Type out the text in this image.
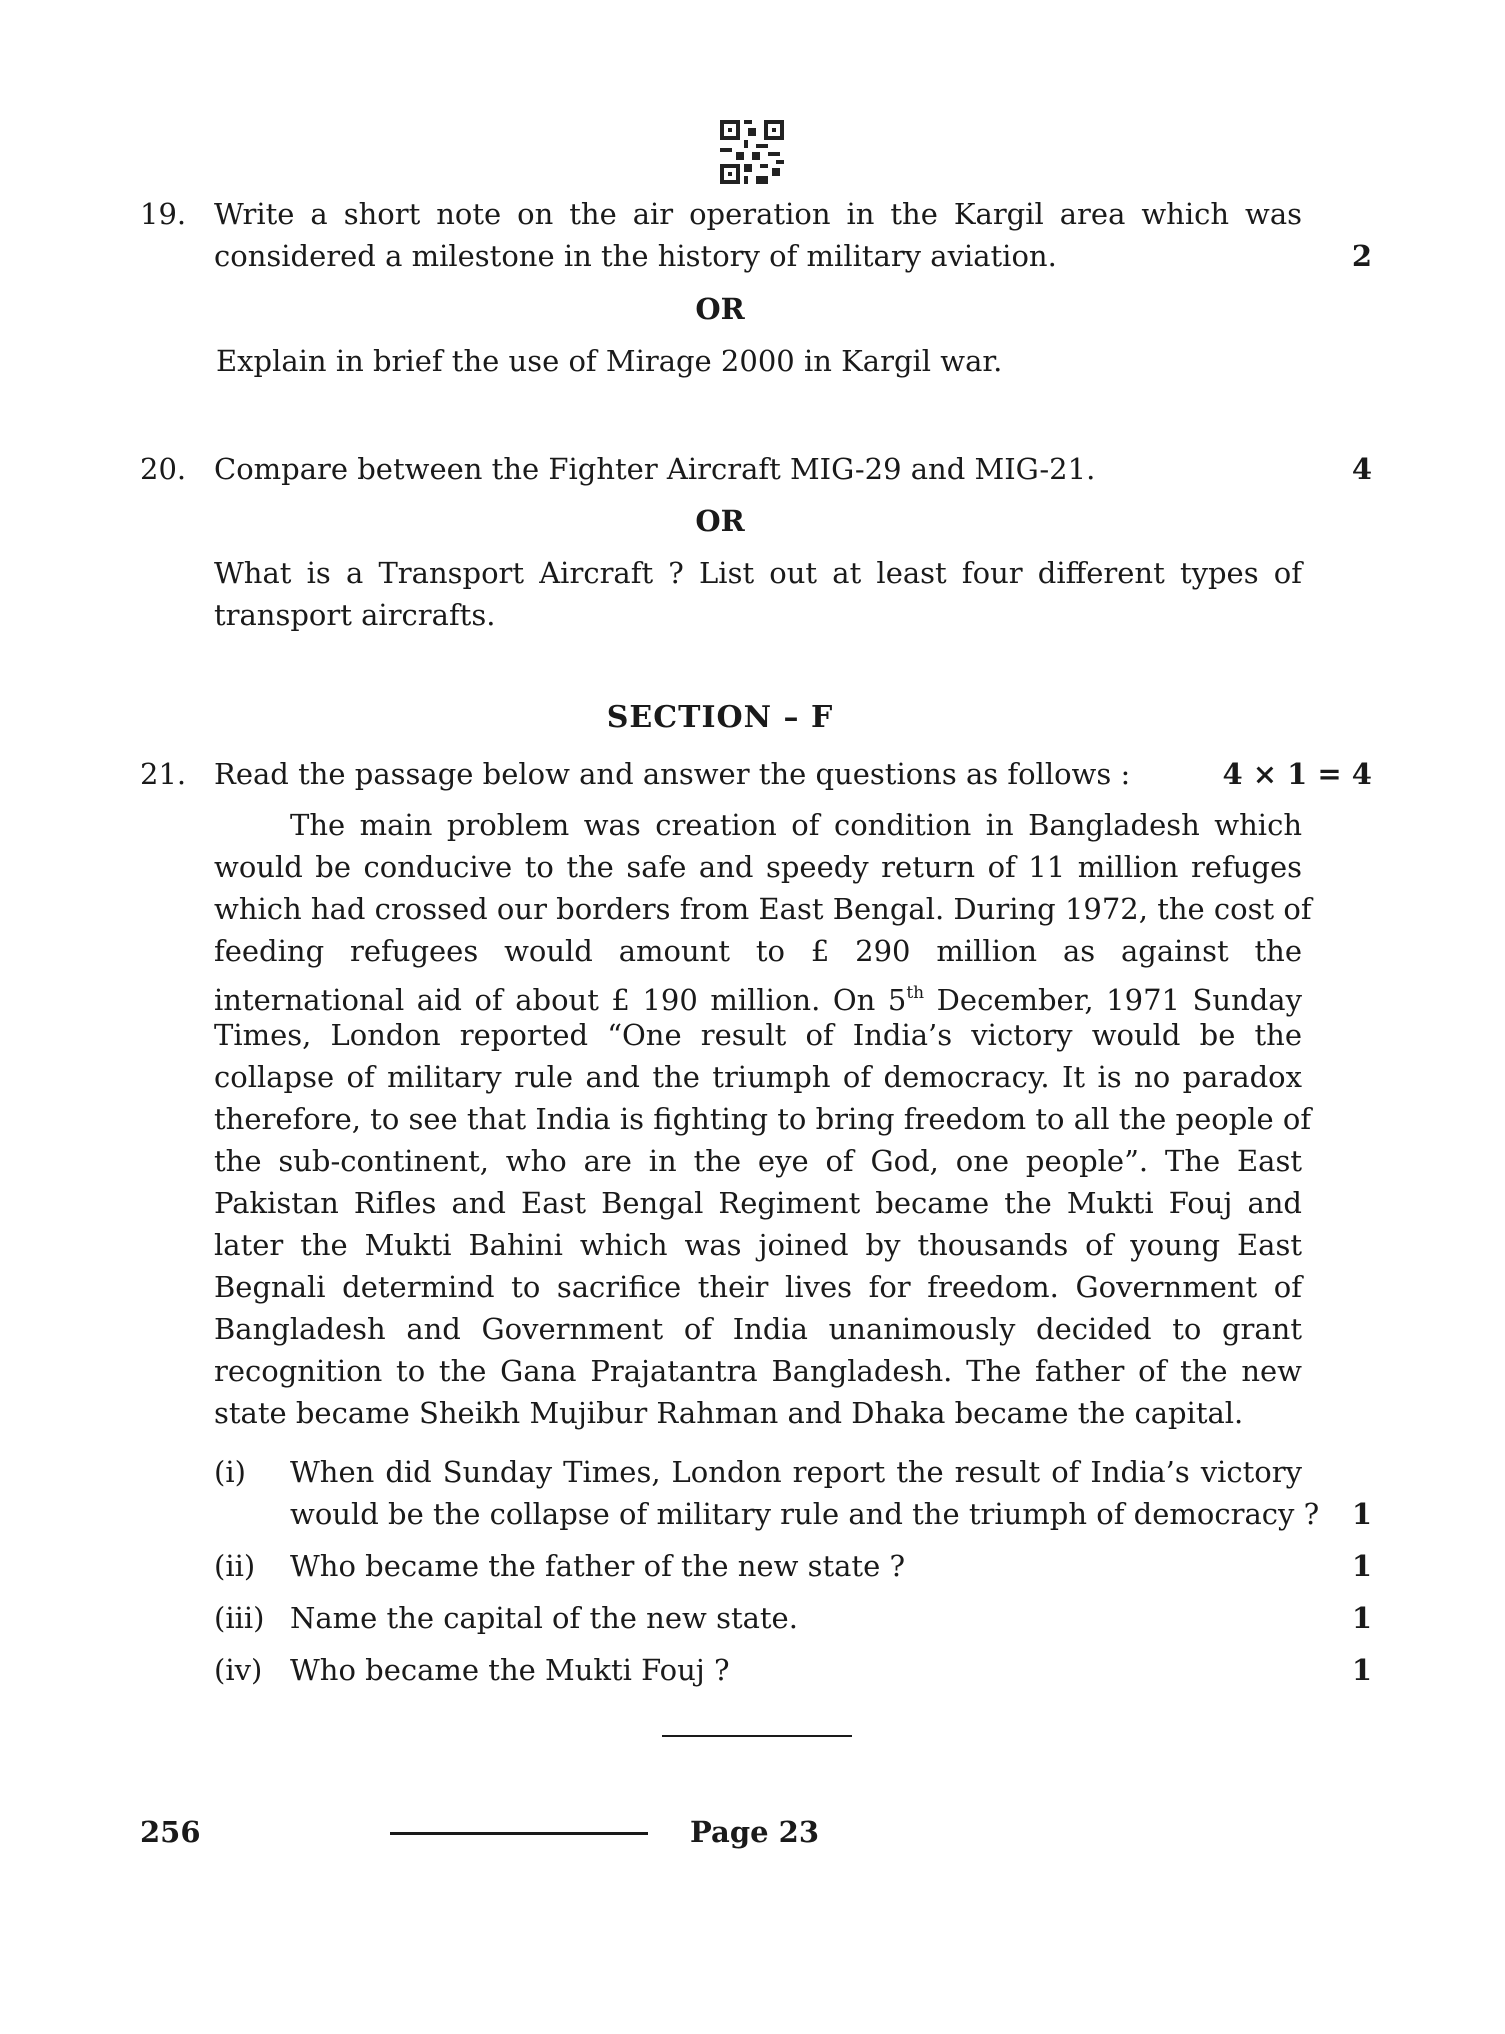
19. Write a short note on the air operation in the Kargil area which was
considered a milestone in the history of military aviation.	2
OR
Explain in brief the use of Mirage 2000 in Kargil war.
20. Compare between the Fighter Aircraft MIG-29 and MIG-21.	4
OR
What is a Transport Aircraft ? List out at least four different types of
transport aircrafts.
SECTION – F
21. Read the passage below and answer the questions as follows :	4 × 1 = 4
The main problem was creation of condition in Bangladesh which
would be conducive to the safe and speedy return of 11 million refuges
which had crossed our borders from East Bengal. During 1972, the cost of
feeding refugees would amount to £ 290 million as against the
international aid of about £ 190 million. On 5th December, 1971 Sunday
Times, London reported “One result of India’s victory would be the
collapse of military rule and the triumph of democracy. It is no paradox
therefore, to see that India is fighting to bring freedom to all the people of
the sub-continent, who are in the eye of God, one people”. The East
Pakistan Rifles and East Bengal Regiment became the Mukti Fouj and
later the Mukti Bahini which was joined by thousands of young East
Begnali determind to sacrifice their lives for freedom. Government of
Bangladesh and Government of India unanimously decided to grant
recognition to the Gana Prajatantra Bangladesh. The father of the new
state became Sheikh Mujibur Rahman and Dhaka became the capital.
(i) When did Sunday Times, London report the result of India’s victory
would be the collapse of military rule and the triumph of democracy ? 1
(ii) Who became the father of the new state ?	1
(iii) Name the capital of the new state.	1
(iv) Who became the Mukti Fouj ?	1
256	Page 23
